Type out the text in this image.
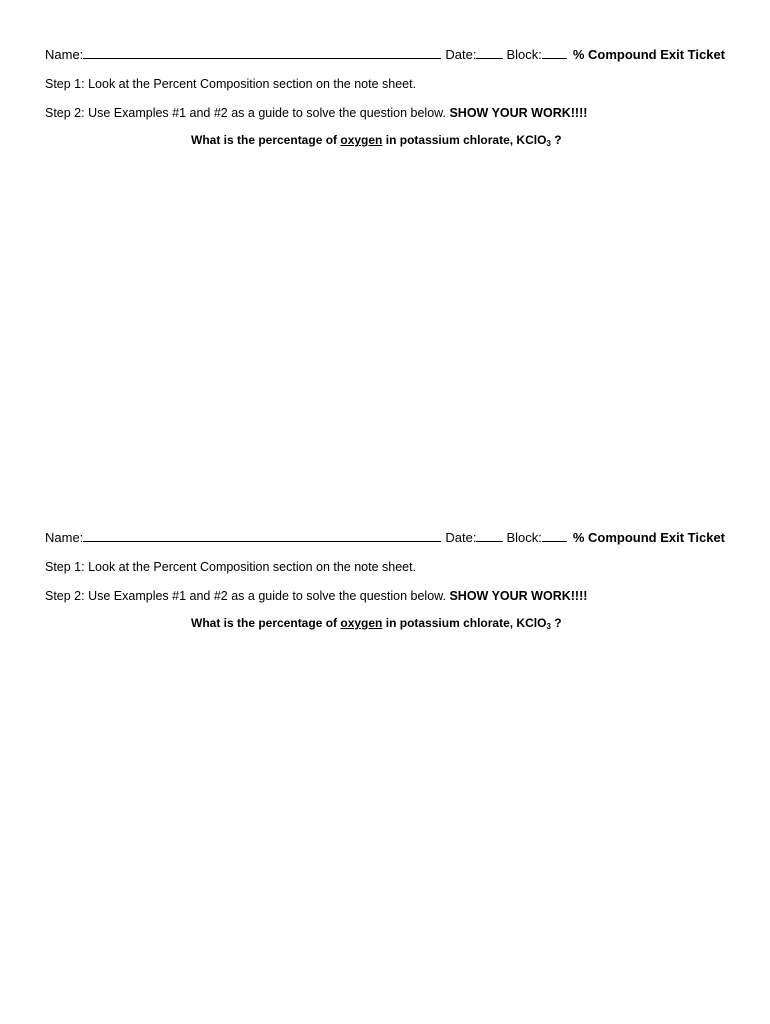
Name:	Date: Block: % Compound Exit Ticket
Step 1: Look at the Percent Composition section on the note sheet.
Step 2: Use Examples #1 and #2 as a guide to solve the question below. SHOW YOUR WORK!!!!
What is the percentage of oxygen in potassium chlorate, KClO$_3$ ?
Name:	Date: Block: % Compound Exit Ticket
Step 1: Look at the Percent Composition section on the note sheet.
Step 2: Use Examples #1 and #2 as a guide to solve the question below. SHOW YOUR WORK!!!!
What is the percentage of oxygen in potassium chlorate, KClO$_3$ ?
